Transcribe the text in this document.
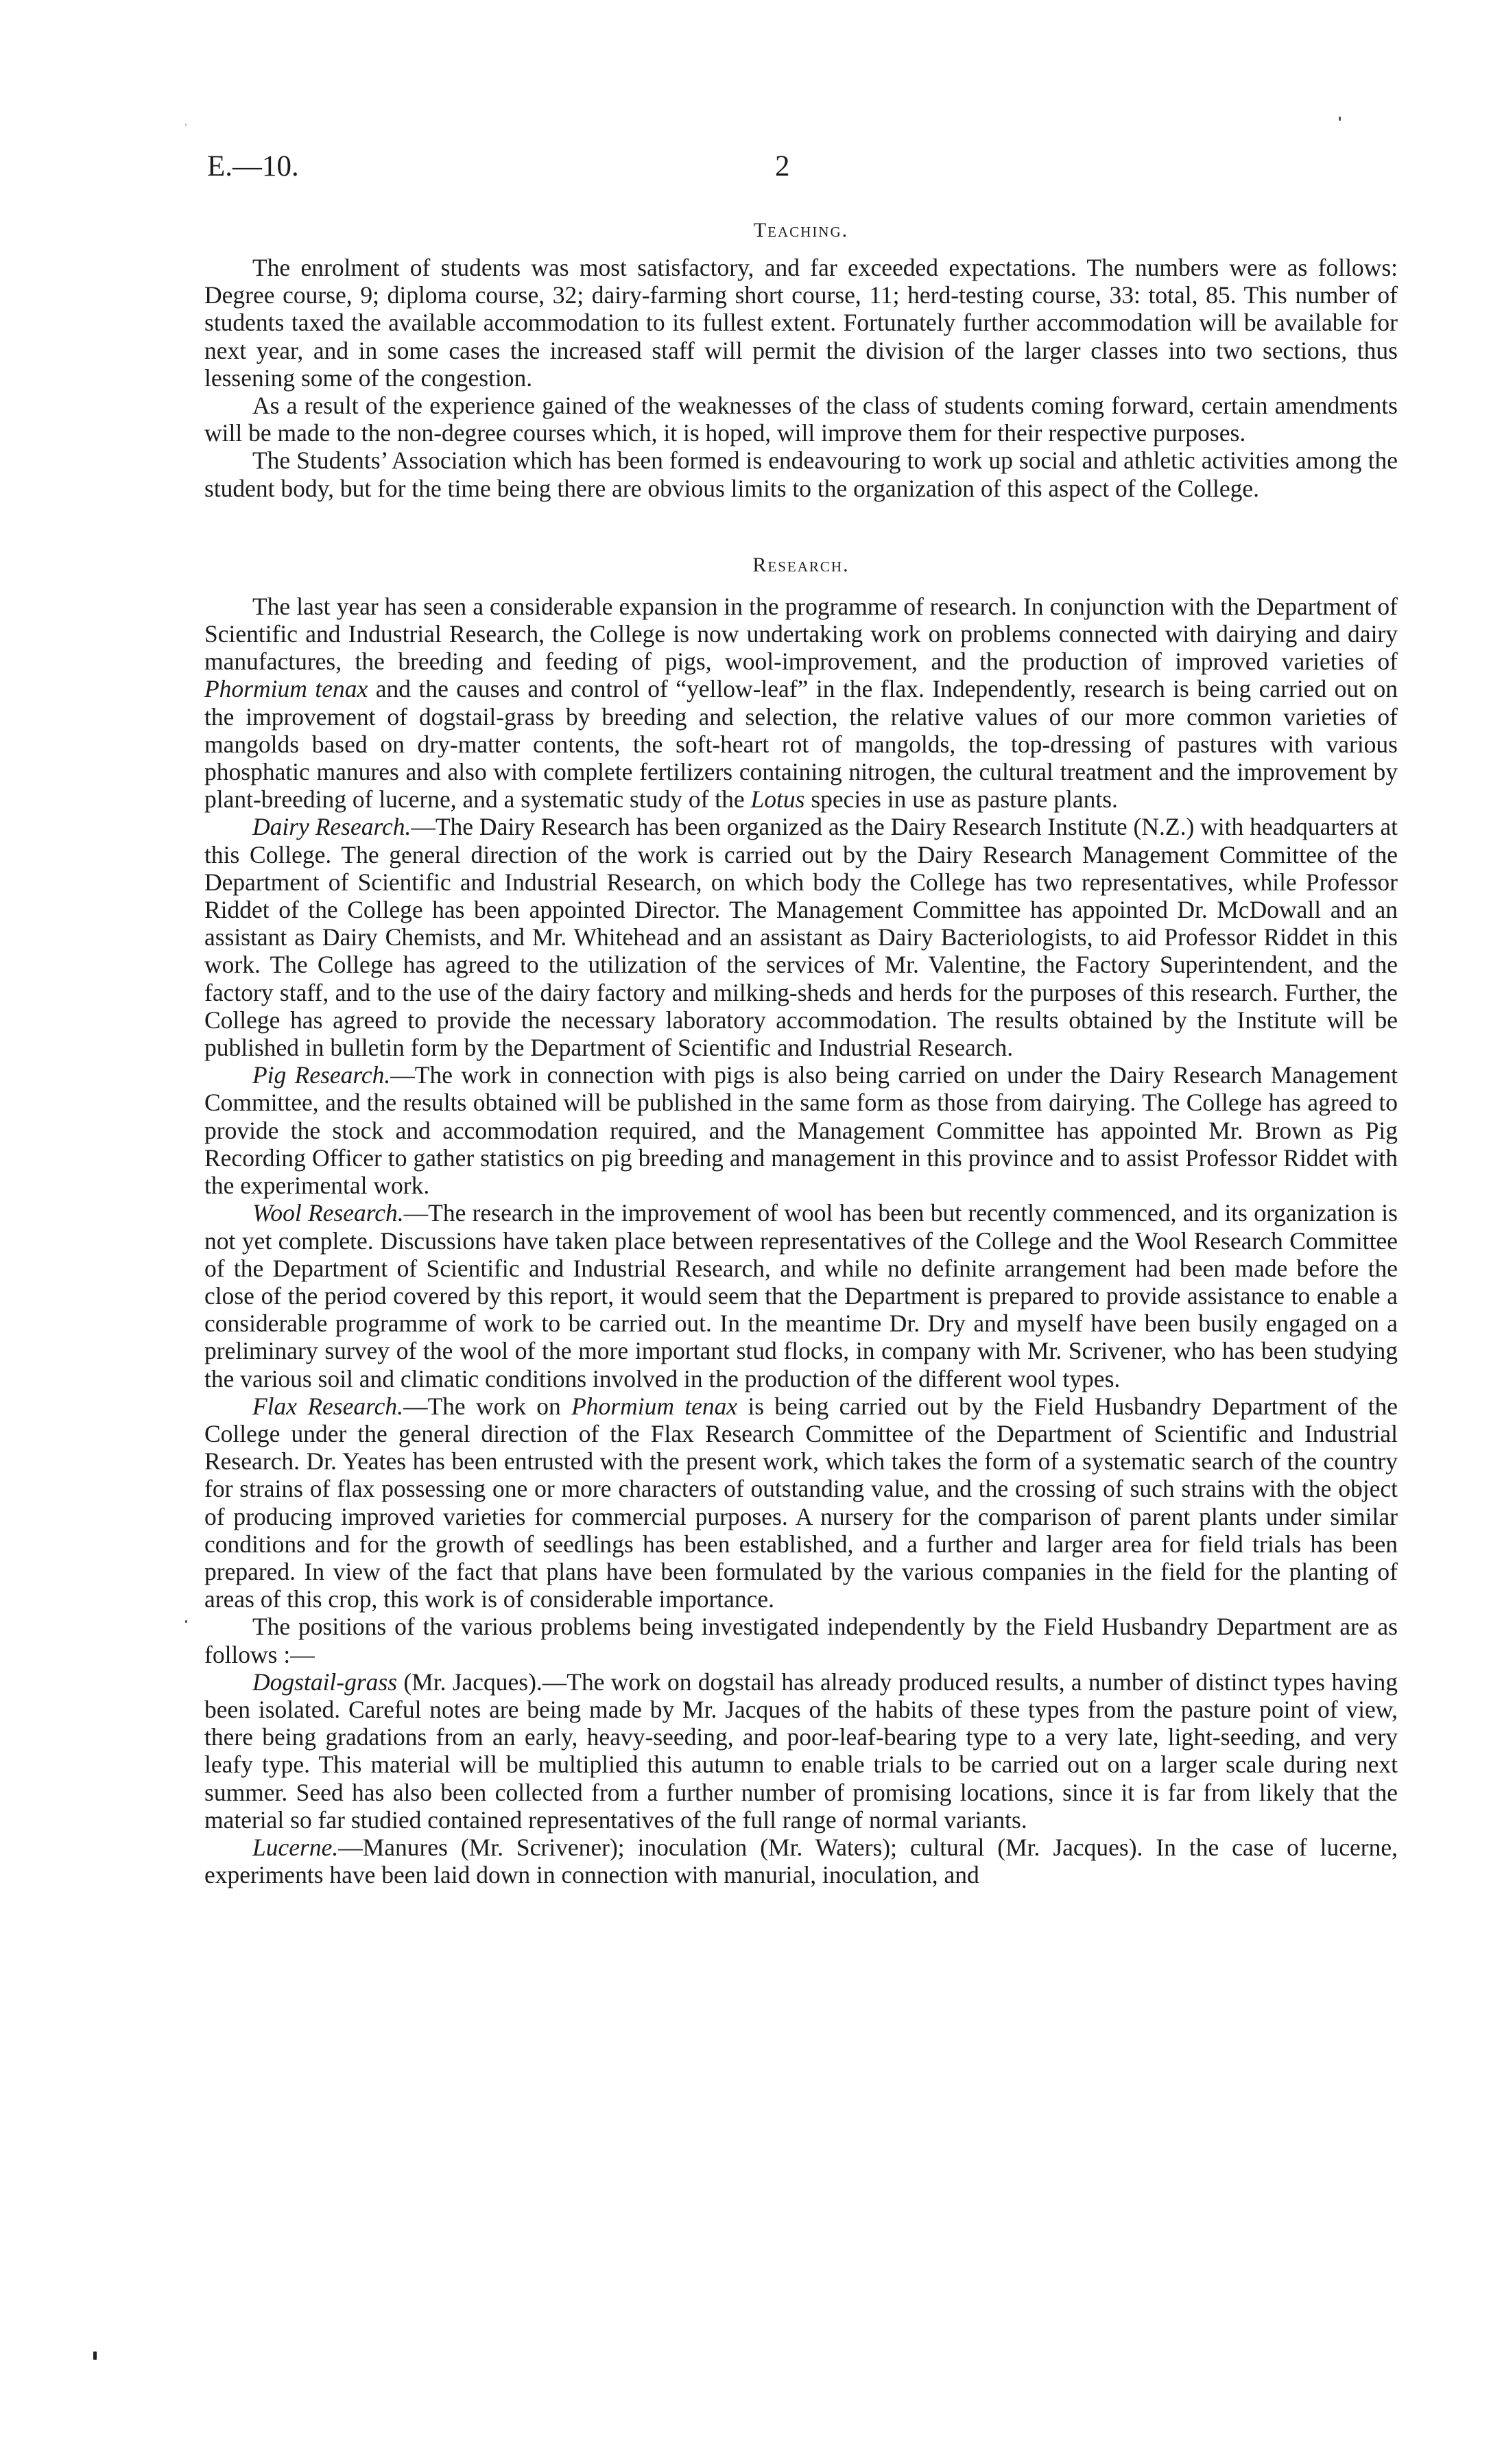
E.—10.	2
Teaching.

The enrolment of students was most satisfactory, and far exceeded expectations. The numbers were as follows: Degree course, 9; diploma course, 32; dairy-farming short course, 11; herd-testing course, 33: total, 85. This number of students taxed the available accommodation to its fullest extent. Fortunately further accommodation will be available for next year, and in some cases the increased staff will permit the division of the larger classes into two sections, thus lessening some of the congestion.

As a result of the experience gained of the weaknesses of the class of students coming forward, certain amendments will be made to the non-degree courses which, it is hoped, will improve them for their respective purposes.

The Students’ Association which has been formed is endeavouring to work up social and athletic activities among the student body, but for the time being there are obvious limits to the organization of this aspect of the College.

Research.

The last year has seen a considerable expansion in the programme of research. In conjunction with the Department of Scientific and Industrial Research, the College is now undertaking work on problems connected with dairying and dairy manufactures, the breeding and feeding of pigs, wool-improvement, and the production of improved varieties of Phormium tenax and the causes and control of “yellow-leaf” in the flax. Independently, research is being carried out on the improvement of dogstail-grass by breeding and selection, the relative values of our more common varieties of mangolds based on dry-matter contents, the soft-heart rot of mangolds, the top-dressing of pastures with various phosphatic manures and also with complete fertilizers containing nitrogen, the cultural treatment and the improvement by plant-breeding of lucerne, and a systematic study of the Lotus species in use as pasture plants.

Dairy Research.—The Dairy Research has been organized as the Dairy Research Institute (N.Z.) with headquarters at this College. The general direction of the work is carried out by the Dairy Research Management Committee of the Department of Scientific and Industrial Research, on which body the College has two representatives, while Professor Riddet of the College has been appointed Director. The Management Committee has appointed Dr. McDowall and an assistant as Dairy Chemists, and Mr. Whitehead and an assistant as Dairy Bacteriologists, to aid Professor Riddet in this work. The College has agreed to the utilization of the services of Mr. Valentine, the Factory Superintendent, and the factory staff, and to the use of the dairy factory and milking-sheds and herds for the purposes of this research. Further, the College has agreed to provide the necessary laboratory accommodation. The results obtained by the Institute will be published in bulletin form by the Department of Scientific and Industrial Research.

Pig Research.—The work in connection with pigs is also being carried on under the Dairy Research Management Committee, and the results obtained will be published in the same form as those from dairying. The College has agreed to provide the stock and accommodation required, and the Management Committee has appointed Mr. Brown as Pig Recording Officer to gather statistics on pig breeding and management in this province and to assist Professor Riddet with the experimental work.

Wool Research.—The research in the improvement of wool has been but recently commenced, and its organization is not yet complete. Discussions have taken place between representatives of the College and the Wool Research Committee of the Department of Scientific and Industrial Research, and while no definite arrangement had been made before the close of the period covered by this report, it would seem that the Department is prepared to provide assistance to enable a considerable programme of work to be carried out. In the meantime Dr. Dry and myself have been busily engaged on a preliminary survey of the wool of the more important stud flocks, in company with Mr. Scrivener, who has been studying the various soil and climatic conditions involved in the production of the different wool types.

Flax Research.—The work on Phormium tenax is being carried out by the Field Husbandry Department of the College under the general direction of the Flax Research Committee of the Department of Scientific and Industrial Research. Dr. Yeates has been entrusted with the present work, which takes the form of a systematic search of the country for strains of flax possessing one or more characters of outstanding value, and the crossing of such strains with the object of producing improved varieties for commercial purposes. A nursery for the comparison of parent plants under similar conditions and for the growth of seedlings has been established, and a further and larger area for field trials has been prepared. In view of the fact that plans have been formulated by the various companies in the field for the planting of areas of this crop, this work is of considerable importance.

The positions of the various problems being investigated independently by the Field Husbandry Department are as follows :—

Dogstail-grass (Mr. Jacques).—The work on dogstail has already produced results, a number of distinct types having been isolated. Careful notes are being made by Mr. Jacques of the habits of these types from the pasture point of view, there being gradations from an early, heavy-seeding, and poor-leaf-bearing type to a very late, light-seeding, and very leafy type. This material will be multiplied this autumn to enable trials to be carried out on a larger scale during next summer. Seed has also been collected from a further number of promising locations, since it is far from likely that the material so far studied contained representatives of the full range of normal variants.

Lucerne.—Manures (Mr. Scrivener); inoculation (Mr. Waters); cultural (Mr. Jacques). In the case of lucerne, experiments have been laid down in connection with manurial, inoculation, and
